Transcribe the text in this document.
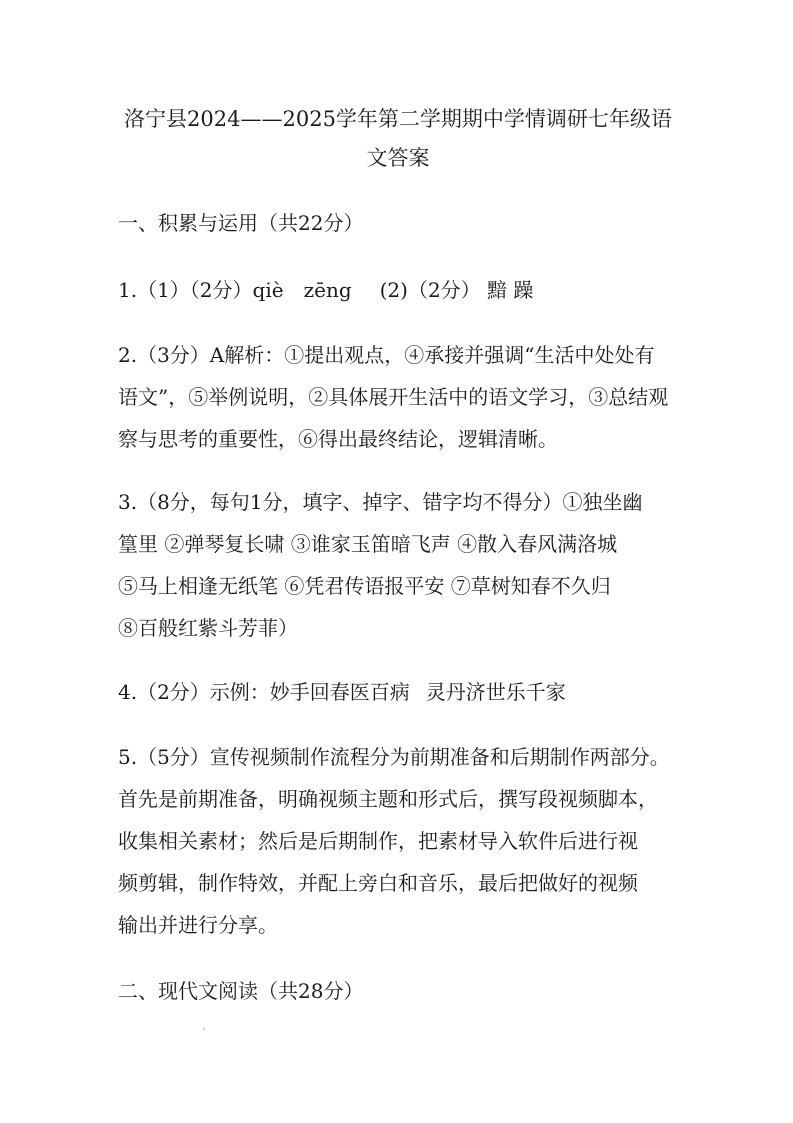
洛宁县2024——2025学年第二学期期中学情调研七年级语
文答案
一、积累与运用（共22分）
1.（1）（2分）qiè　zēng (2)（2分） 黯 躁
2.（3分）A解析：①提出观点，④承接并强调“生活中处处有
语文”，⑤举例说明，②具体展开生活中的语文学习，③总结观
察与思考的重要性，⑥得出最终结论，逻辑清晰。
3.（8分，每句1分，填字、掉字、错字均不得分）①独坐幽
篁里 ②弹琴复长啸 ③谁家玉笛暗飞声 ④散入春风满洛城
⑤马上相逢无纸笔 ⑥凭君传语报平安 ⑦草树知春不久归
⑧百般红紫斗芳菲）
4.（2分）示例：妙手回春医百病 灵丹济世乐千家
5.（5分）宣传视频制作流程分为前期准备和后期制作两部分。
首先是前期准备，明确视频主题和形式后，撰写段视频脚本，
收集相关素材；然后是后期制作，把素材导入软件后进行视
频剪辑，制作特效，并配上旁白和音乐，最后把做好的视频
输出并进行分享。
二、现代文阅读（共28分）
